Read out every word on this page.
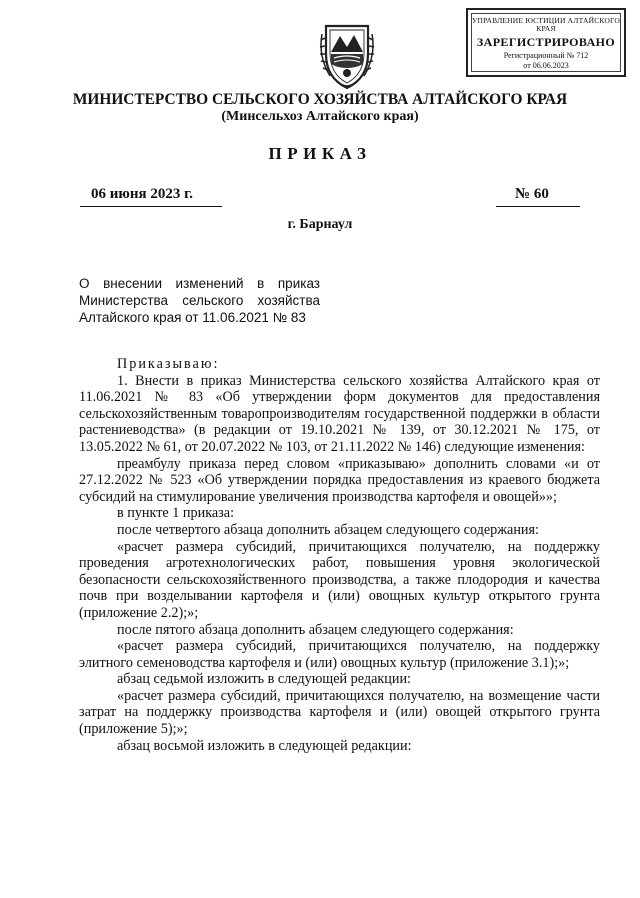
УПРАВЛЕНИЕ ЮСТИЦИИ АЛТАЙСКОГО КРАЯ
ЗАРЕГИСТРИРОВАНО
Регистрационный № 712
от 06.06.2023
МИНИСТЕРСТВО СЕЛЬСКОГО ХОЗЯЙСТВА АЛТАЙСКОГО КРАЯ
(Минсельхоз Алтайского края)
ПРИКАЗ
06 июня 2023 г.	№ 60
г. Барнаул
О внесении изменений в приказ
Министерства сельского хозяйства
Алтайского края от 11.06.2021 № 83

Приказываю:

1. Внести в приказ Министерства сельского хозяйства Алтайского края от 11.06.2021 № 83 «Об утверждении форм документов для предоставления сельскохозяйственным товаропроизводителям государственной поддержки в области растениеводства» (в редакции от 19.10.2021 № 139, от 30.12.2021 № 175, от 13.05.2022 № 61, от 20.07.2022 № 103, от 21.11.2022 № 146) следующие изменения:

преамбулу приказа перед словом «приказываю» дополнить словами «и от 27.12.2022 № 523 «Об утверждении порядка предоставления из краевого бюджета субсидий на стимулирование увеличения производства картофеля и овощей»»;

в пункте 1 приказа:

после четвертого абзаца дополнить абзацем следующего содержания:

«расчет размера субсидий, причитающихся получателю, на поддержку проведения агротехнологических работ, повышения уровня экологической безопасности сельскохозяйственного производства, а также плодородия и качества почв при возделывании картофеля и (или) овощных культур открытого грунта (приложение 2.2);»;

после пятого абзаца дополнить абзацем следующего содержания:

«расчет размера субсидий, причитающихся получателю, на поддержку элитного семеноводства картофеля и (или) овощных культур (приложение 3.1);»;

абзац седьмой изложить в следующей редакции:

«расчет размера субсидий, причитающихся получателю, на возмещение части затрат на поддержку производства картофеля и (или) овощей открытого грунта (приложение 5);»;

абзац восьмой изложить в следующей редакции:
